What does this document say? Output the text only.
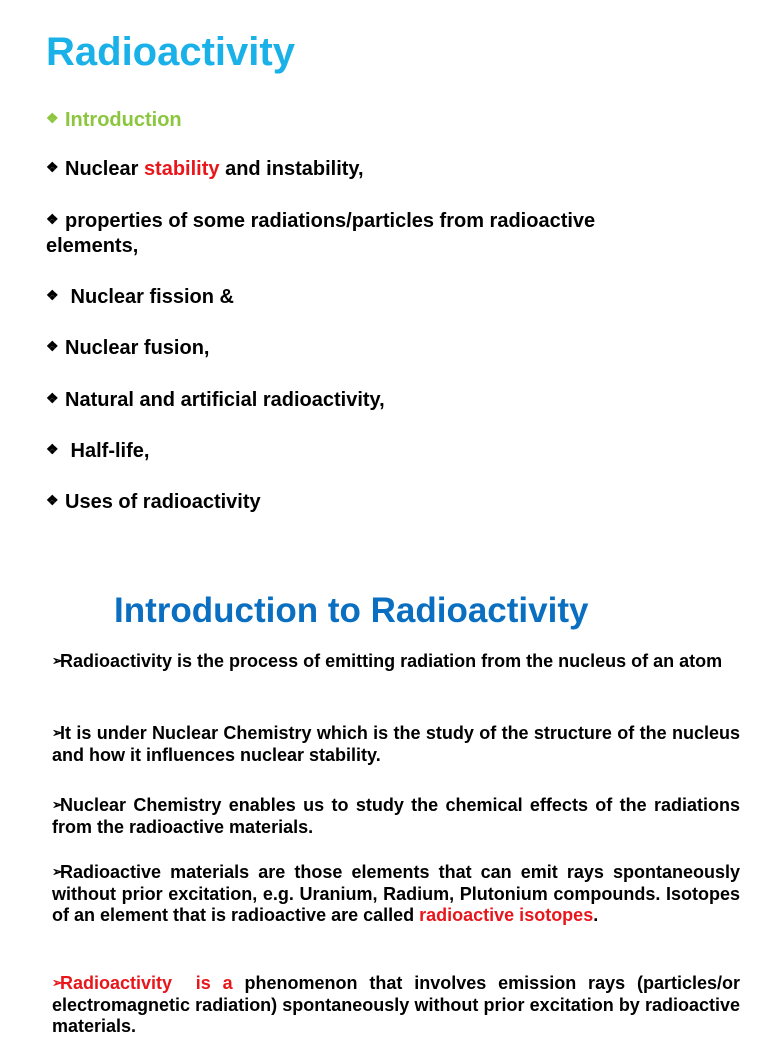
Radioactivity
❖ Introduction
❖ Nuclear stability and instability,
❖ properties of some radiations/particles from radioactive elements,
❖ Nuclear fission &
❖ Nuclear fusion,
❖ Natural and artificial radioactivity,
❖ Half-life,
❖ Uses of radioactivity
Introduction to Radioactivity

➢Radioactivity is the process of emitting radiation from the nucleus of an atom

➢It is under Nuclear Chemistry which is the study of the structure of the nucleus and how it influences nuclear stability.

➢Nuclear Chemistry enables us to study the chemical effects of the radiations from the radioactive materials.

➢Radioactive materials are those elements that can emit rays spontaneously without prior excitation, e.g. Uranium, Radium, Plutonium compounds. Isotopes of an element that is radioactive are called radioactive isotopes.

➢Radioactivity  is a phenomenon that involves emission rays (particles/or electromagnetic radiation) spontaneously without prior excitation by radioactive materials.
